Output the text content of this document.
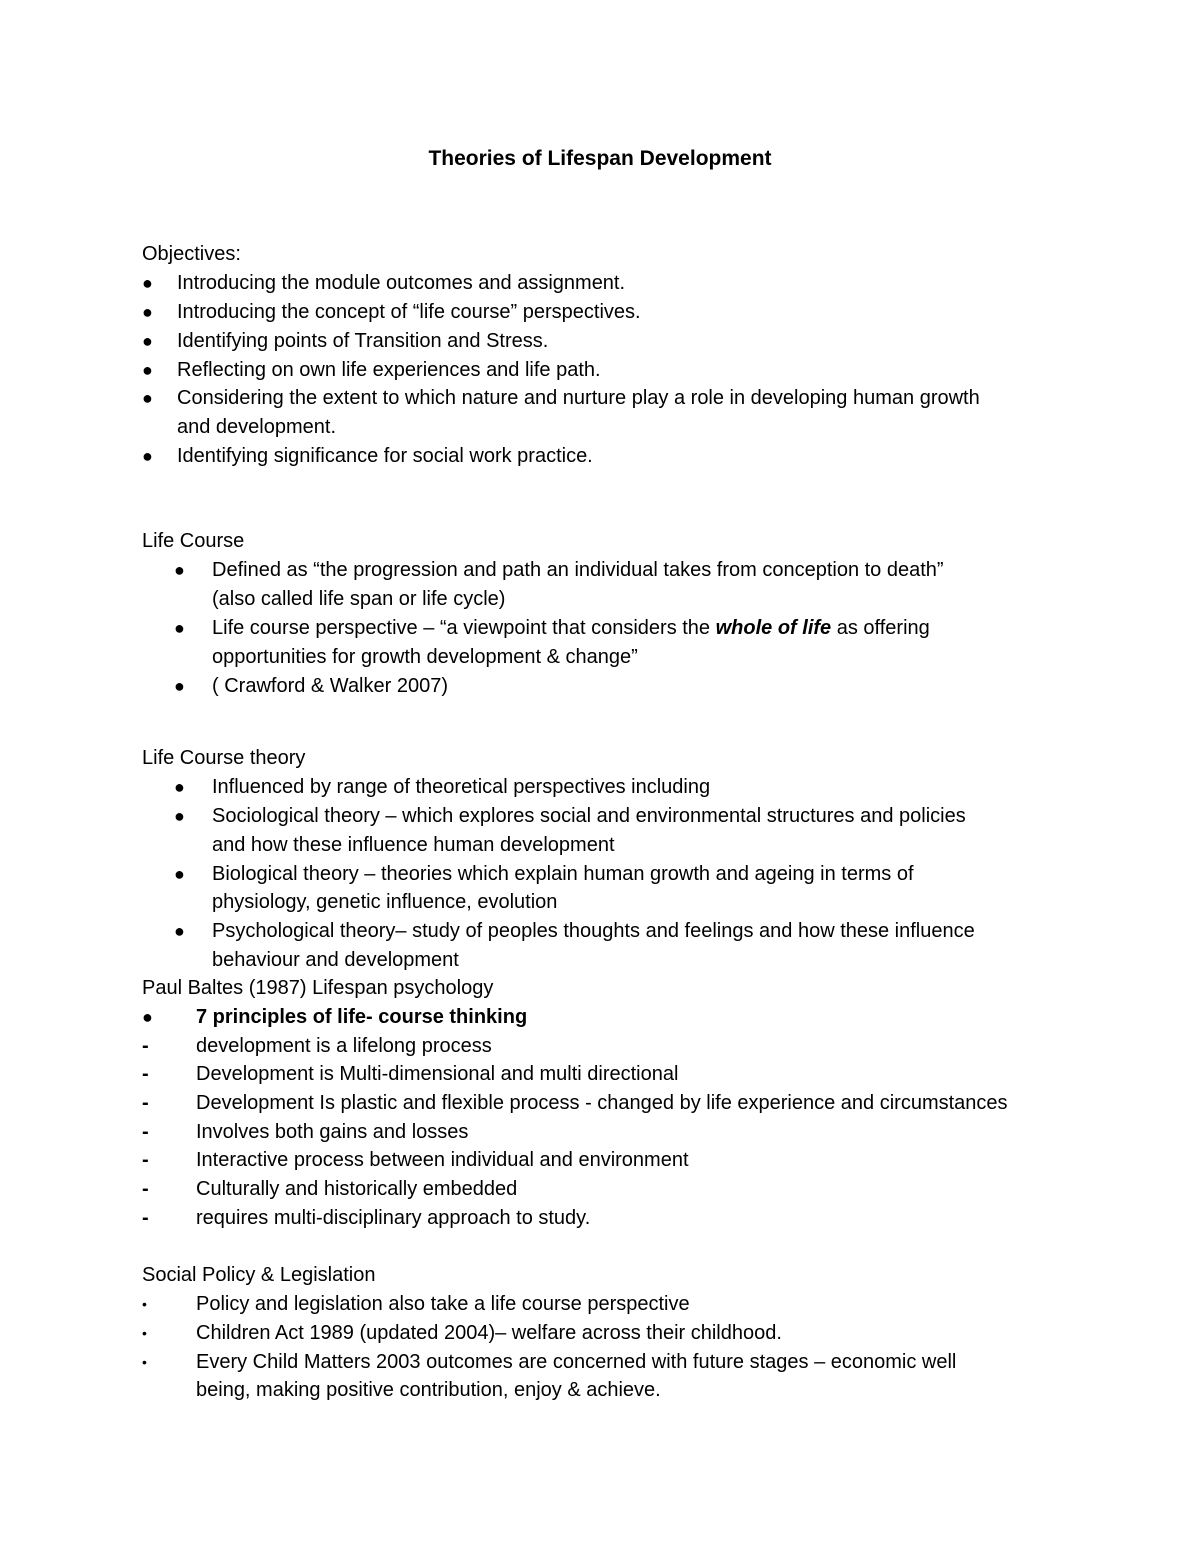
Theories of Lifespan Development
Objectives:
● Introducing the module outcomes and assignment.
● Introducing the concept of “life course” perspectives.
● Identifying points of Transition and Stress.
● Reflecting on own life experiences and life path.
● Considering the extent to which nature and nurture play a role in developing human growth
and development.
● Identifying significance for social work practice.
Life Course
● Defined as “the progression and path an individual takes from conception to death”
(also called life span or life cycle)
● Life course perspective – “a viewpoint that considers the whole of life as offering
opportunities for growth development & change”
● ( Crawford & Walker 2007)
Life Course theory
● Influenced by range of theoretical perspectives including
● Sociological theory – which explores social and environmental structures and policies
and how these influence human development
● Biological theory – theories which explain human growth and ageing in terms of
physiology, genetic influence, evolution
● Psychological theory– study of peoples thoughts and feelings and how these influence
behaviour and development
Paul Baltes (1987) Lifespan psychology
● 7 principles of life- course thinking
- development is a lifelong process
- Development is Multi-dimensional and multi directional
- Development Is plastic and flexible process - changed by life experience and circumstances
- Involves both gains and losses
- Interactive process between individual and environment
- Culturally and historically embedded
- requires multi-disciplinary approach to study.
Social Policy & Legislation
• Policy and legislation also take a life course perspective
• Children Act 1989 (updated 2004)– welfare across their childhood.
• Every Child Matters 2003 outcomes are concerned with future stages – economic well
being, making positive contribution, enjoy & achieve.
